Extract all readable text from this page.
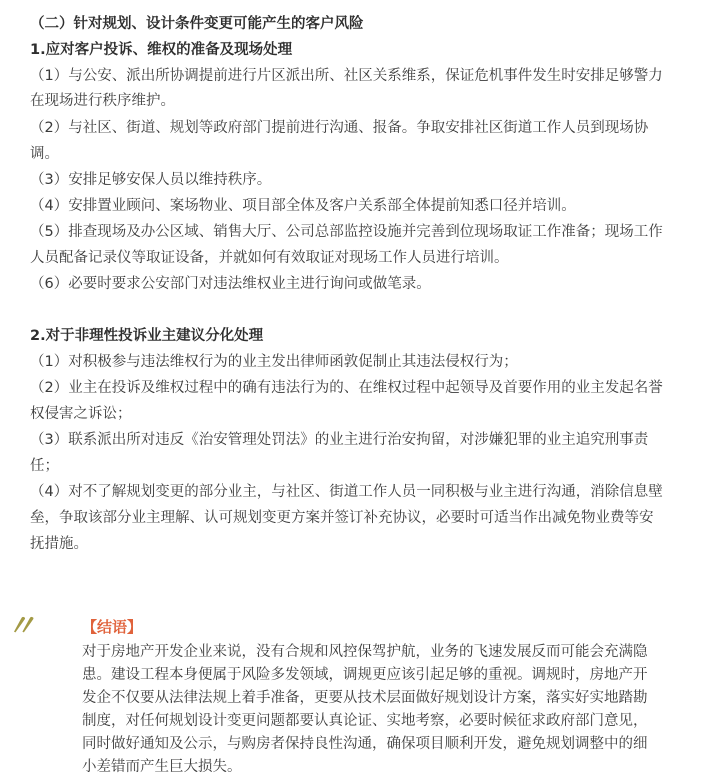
（二）针对规划、设计条件变更可能产生的客户风险
1.应对客户投诉、维权的准备及现场处理
（1）与公安、派出所协调提前进行片区派出所、社区关系维系，保证危机事件发生时安排足够警力
在现场进行秩序维护。
（2）与社区、街道、规划等政府部门提前进行沟通、报备。争取安排社区街道工作人员到现场协
调。
（3）安排足够安保人员以维持秩序。
（4）安排置业顾问、案场物业、项目部全体及客户关系部全体提前知悉口径并培训。
（5）排查现场及办公区域、销售大厅、公司总部监控设施并完善到位现场取证工作准备；现场工作
人员配备记录仪等取证设备，并就如何有效取证对现场工作人员进行培训。
（6）必要时要求公安部门对违法维权业主进行询问或做笔录。
2.对于非理性投诉业主建议分化处理
（1）对积极参与违法维权行为的业主发出律师函敦促制止其违法侵权行为；
（2）业主在投诉及维权过程中的确有违法行为的、在维权过程中起领导及首要作用的业主发起名誉
权侵害之诉讼；
（3）联系派出所对违反《治安管理处罚法》的业主进行治安拘留，对涉嫌犯罪的业主追究刑事责
任；
（4）对不了解规划变更的部分业主，与社区、街道工作人员一同积极与业主进行沟通，消除信息壁
垒，争取该部分业主理解、认可规划变更方案并签订补充协议，必要时可适当作出减免物业费等安
抚措施。
〃	【结语】
对于房地产开发企业来说，没有合规和风控保驾护航，业务的飞速发展反而可能会充满隐
患。建设工程本身便属于风险多发领域，调规更应该引起足够的重视。调规时，房地产开
发企不仅要从法律法规上着手准备，更要从技术层面做好规划设计方案，落实好实地踏勘
制度，对任何规划设计变更问题都要认真论证、实地考察，必要时候征求政府部门意见，
同时做好通知及公示，与购房者保持良性沟通，确保项目顺利开发，避免规划调整中的细
小差错而产生巨大损失。
